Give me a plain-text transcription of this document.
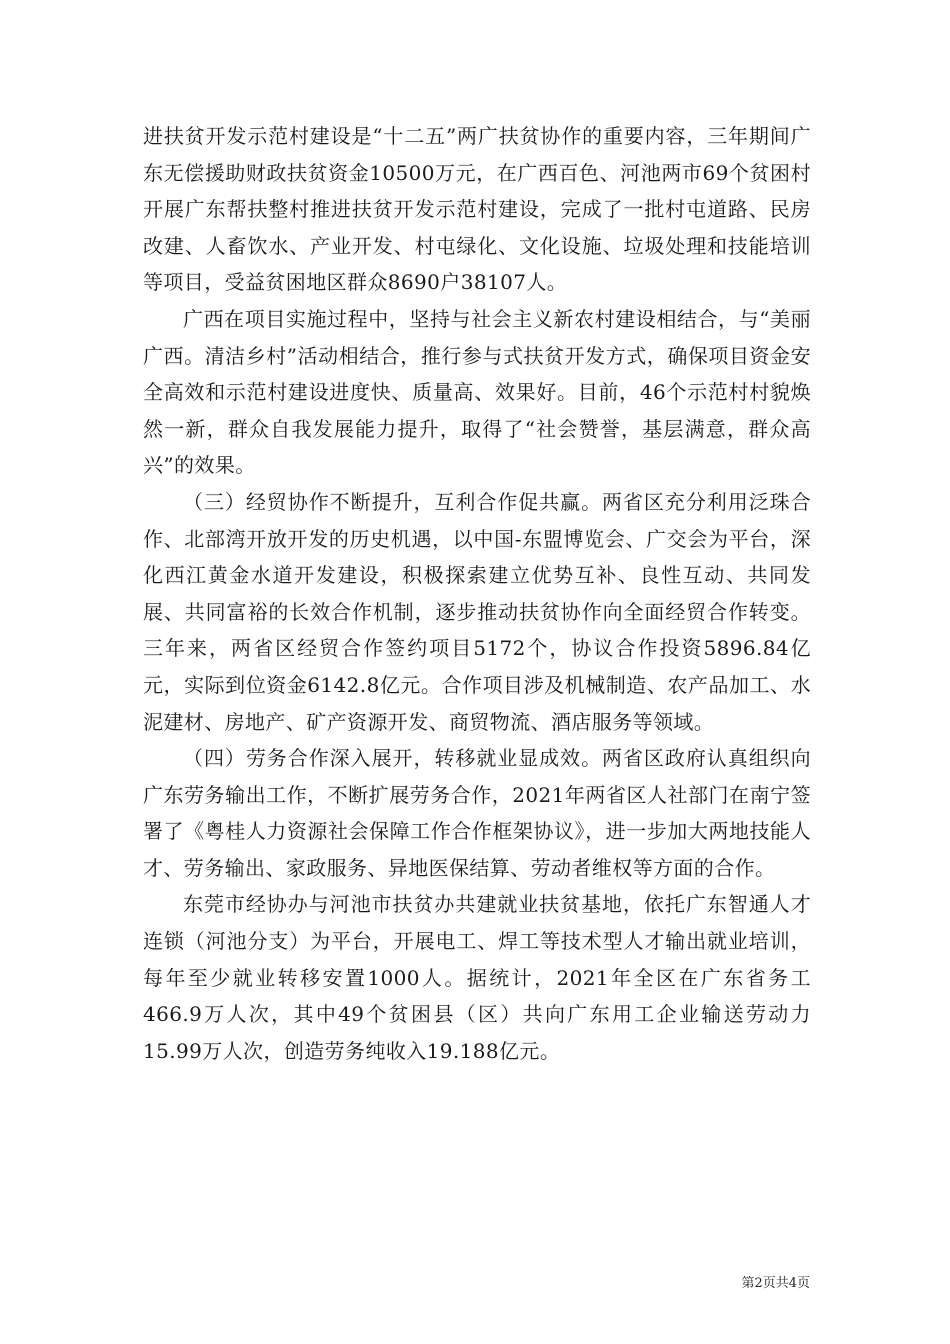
进扶贫开发示范村建设是“十二五”两广扶贫协作的重要内容，三年期间广东无偿援助财政扶贫资金10500万元，在广西百色、河池两市69个贫困村开展广东帮扶整村推进扶贫开发示范村建设，完成了一批村屯道路、民房改建、人畜饮水、产业开发、村屯绿化、文化设施、垃圾处理和技能培训等项目，受益贫困地区群众8690户38107人。

广西在项目实施过程中，坚持与社会主义新农村建设相结合，与“美丽广西。清洁乡村”活动相结合，推行参与式扶贫开发方式，确保项目资金安全高效和示范村建设进度快、质量高、效果好。目前，46个示范村村貌焕然一新，群众自我发展能力提升，取得了“社会赞誉，基层满意，群众高兴”的效果。

（三）经贸协作不断提升，互利合作促共赢。两省区充分利用泛珠合作、北部湾开放开发的历史机遇，以中国-东盟博览会、广交会为平台，深化西江黄金水道开发建设，积极探索建立优势互补、良性互动、共同发展、共同富裕的长效合作机制，逐步推动扶贫协作向全面经贸合作转变。三年来，两省区经贸合作签约项目5172个，协议合作投资5896.84亿元，实际到位资金6142.8亿元。合作项目涉及机械制造、农产品加工、水泥建材、房地产、矿产资源开发、商贸物流、酒店服务等领域。

（四）劳务合作深入展开，转移就业显成效。两省区政府认真组织向广东劳务输出工作，不断扩展劳务合作，2021年两省区人社部门在南宁签署了《粤桂人力资源社会保障工作合作框架协议》，进一步加大两地技能人才、劳务输出、家政服务、异地医保结算、劳动者维权等方面的合作。

东莞市经协办与河池市扶贫办共建就业扶贫基地，依托广东智通人才连锁（河池分支）为平台，开展电工、焊工等技术型人才输出就业培训，每年至少就业转移安置1000人。据统计，2021年全区在广东省务工466.9万人次，其中49个贫困县（区）共向广东用工企业输送劳动力15.99万人次，创造劳务纯收入19.188亿元。

第2页共4页
